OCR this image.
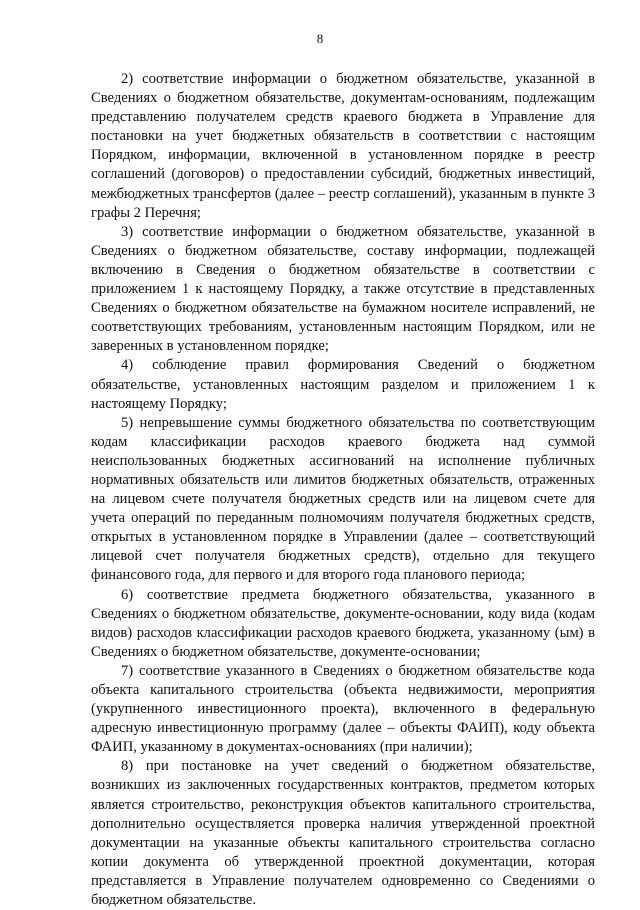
8

2) соответствие информации о бюджетном обязательстве, указанной в Сведениях о бюджетном обязательстве, документам-основаниям, подлежащим представлению получателем средств краевого бюджета в Управление для постановки на учет бюджетных обязательств в соответствии с настоящим Порядком, информации, включенной в установленном порядке в реестр соглашений (договоров) о предоставлении субсидий, бюджетных инвестиций, межбюджетных трансфертов (далее – реестр соглашений), указанным в пункте 3 графы 2 Перечня;

3) соответствие информации о бюджетном обязательстве, указанной в Сведениях о бюджетном обязательстве, составу информации, подлежащей включению в Сведения о бюджетном обязательстве в соответствии с приложением 1 к настоящему Порядку, а также отсутствие в представленных Сведениях о бюджетном обязательстве на бумажном носителе исправлений, не соответствующих требованиям, установленным настоящим Порядком, или не заверенных в установленном порядке;

4) соблюдение правил формирования Сведений о бюджетном обязательстве, установленных настоящим разделом и приложением 1 к настоящему Порядку;

5) непревышение суммы бюджетного обязательства по соответствующим кодам классификации расходов краевого бюджета над суммой неиспользованных бюджетных ассигнований на исполнение публичных нормативных обязательств или лимитов бюджетных обязательств, отраженных на лицевом счете получателя бюджетных средств или на лицевом счете для учета операций по переданным полномочиям получателя бюджетных средств, открытых в установленном порядке в Управлении (далее – соответствующий лицевой счет получателя бюджетных средств), отдельно для текущего финансового года, для первого и для второго года планового периода;

6) соответствие предмета бюджетного обязательства, указанного в Сведениях о бюджетном обязательстве, документе-основании, коду вида (кодам видов) расходов классификации расходов краевого бюджета, указанному (ым) в Сведениях о бюджетном обязательстве, документе-основании;

7) соответствие указанного в Сведениях о бюджетном обязательстве кода объекта капитального строительства (объекта недвижимости, мероприятия (укрупненного инвестиционного проекта), включенного в федеральную адресную инвестиционную программу (далее – объекты ФАИП), коду объекта ФАИП, указанному в документах-основаниях (при наличии);

8) при постановке на учет сведений о бюджетном обязательстве, возникших из заключенных государственных контрактов, предметом которых является строительство, реконструкция объектов капитального строительства, дополнительно осуществляется проверка наличия утвержденной проектной документации на указанные объекты капитального строительства согласно копии документа об утвержденной проектной документации, которая представляется в Управление получателем одновременно со Сведениями о бюджетном обязательстве.
